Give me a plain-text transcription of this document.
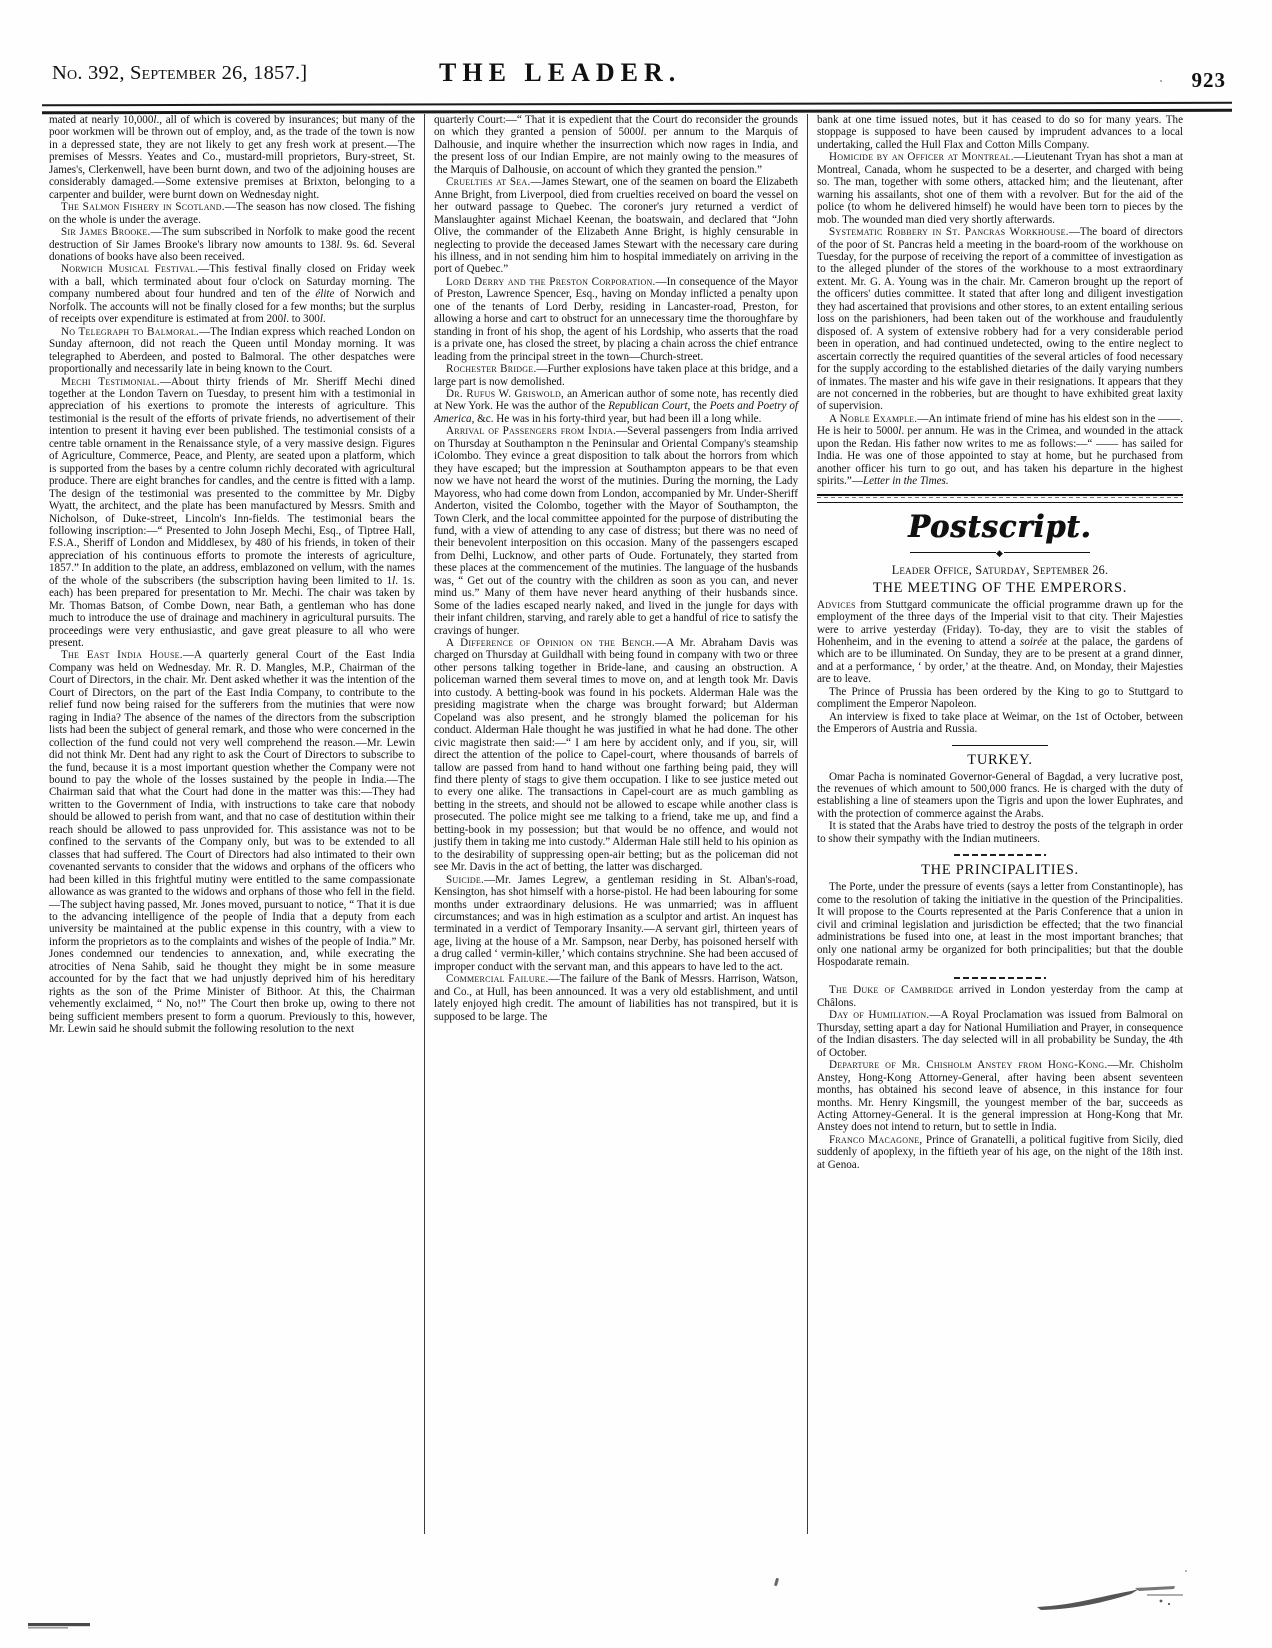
No. 392, September 26, 1857.]	THE LEADER.	923

mated at nearly 10,000l., all of which is covered by insurances; but many of the poor workmen will be thrown out of employ, and, as the trade of the town is now in a depressed state, they are not likely to get any fresh work at present.—The premises of Messrs. Yeates and Co., mustard-mill proprietors, Bury-street, St. James's, Clerkenwell, have been burnt down, and two of the adjoining houses are considerably damaged.—Some extensive premises at Brixton, belonging to a carpenter and builder, were burnt down on Wednesday night.

The Salmon Fishery in Scotland.—The season has now closed. The fishing on the whole is under the average.

Sir James Brooke.—The sum subscribed in Norfolk to make good the recent destruction of Sir James Brooke's library now amounts to 138l. 9s. 6d. Several donations of books have also been received.

Norwich Musical Festival.—This festival finally closed on Friday week with a ball, which terminated about four o'clock on Saturday morning. The company numbered about four hundred and ten of the élite of Norwich and Norfolk. The accounts will not be finally closed for a few months; but the surplus of receipts over expenditure is estimated at from 200l. to 300l.

No Telegraph to Balmoral.—The Indian express which reached London on Sunday afternoon, did not reach the Queen until Monday morning. It was telegraphed to Aberdeen, and posted to Balmoral. The other despatches were proportionally and necessarily late in being known to the Court.

Mechi Testimonial.—About thirty friends of Mr. Sheriff Mechi dined together at the London Tavern on Tuesday, to present him with a testimonial in appreciation of his exertions to promote the interests of agriculture. This testimonial is the result of the efforts of private friends, no advertisement of their intention to present it having ever been published. The testimonial consists of a centre table ornament in the Renaissance style, of a very massive design. Figures of Agriculture, Commerce, Peace, and Plenty, are seated upon a platform, which is supported from the bases by a centre column richly decorated with agricultural produce. There are eight branches for candles, and the centre is fitted with a lamp. The design of the testimonial was presented to the committee by Mr. Digby Wyatt, the architect, and the plate has been manufactured by Messrs. Smith and Nicholson, of Duke-street, Lincoln's Inn-fields. The testimonial bears the following inscription:—“ Presented to John Joseph Mechi, Esq., of Tiptree Hall, F.S.A., Sheriff of London and Middlesex, by 480 of his friends, in token of their appreciation of his continuous efforts to promote the interests of agriculture, 1857.” In addition to the plate, an address, emblazoned on vellum, with the names of the whole of the subscribers (the subscription having been limited to 1l. 1s. each) has been prepared for presentation to Mr. Mechi. The chair was taken by Mr. Thomas Batson, of Combe Down, near Bath, a gentleman who has done much to introduce the use of drainage and machinery in agricultural pursuits. The proceedings were very enthusiastic, and gave great pleasure to all who were present.

The East India House.—A quarterly general Court of the East India Company was held on Wednesday. Mr. R. D. Mangles, M.P., Chairman of the Court of Directors, in the chair. Mr. Dent asked whether it was the intention of the Court of Directors, on the part of the East India Company, to contribute to the relief fund now being raised for the sufferers from the mutinies that were now raging in India? The absence of the names of the directors from the subscription lists had been the subject of general remark, and those who were concerned in the collection of the fund could not very well comprehend the reason.—Mr. Lewin did not think Mr. Dent had any right to ask the Court of Directors to subscribe to the fund, because it is a most important question whether the Company were not bound to pay the whole of the losses sustained by the people in India.—The Chairman said that what the Court had done in the matter was this:—They had written to the Government of India, with instructions to take care that nobody should be allowed to perish from want, and that no case of destitution within their reach should be allowed to pass unprovided for. This assistance was not to be confined to the servants of the Company only, but was to be extended to all classes that had suffered. The Court of Directors had also intimated to their own covenanted servants to consider that the widows and orphans of the officers who had been killed in this frightful mutiny were entitled to the same compassionate allowance as was granted to the widows and orphans of those who fell in the field.—The subject having passed, Mr. Jones moved, pursuant to notice, “ That it is due to the advancing intelligence of the people of India that a deputy from each university be maintained at the public expense in this country, with a view to inform the proprietors as to the complaints and wishes of the people of India.” Mr. Jones condemned our tendencies to annexation, and, while execrating the atrocities of Nena Sahib, said he thought they might be in some measure accounted for by the fact that we had unjustly deprived him of his hereditary rights as the son of the Prime Minister of Bithoor. At this, the Chairman vehemently exclaimed, “ No, no!” The Court then broke up, owing to there not being sufficient members present to form a quorum. Previously to this, however, Mr. Lewin said he should submit the following resolution to the next

quarterly Court:—“ That it is expedient that the Court do reconsider the grounds on which they granted a pension of 5000l. per annum to the Marquis of Dalhousie, and inquire whether the insurrection which now rages in India, and the present loss of our Indian Empire, are not mainly owing to the measures of the Marquis of Dalhousie, on account of which they granted the pension.”

Cruelties at Sea.—James Stewart, one of the seamen on board the Elizabeth Anne Bright, from Liverpool, died from cruelties received on board the vessel on her outward passage to Quebec. The coroner's jury returned a verdict of Manslaughter against Michael Keenan, the boatswain, and declared that “John Olive, the commander of the Elizabeth Anne Bright, is highly censurable in neglecting to provide the deceased James Stewart with the necessary care during his illness, and in not sending him him to hospital immediately on arriving in the port of Quebec.”

Lord Derry and the Preston Corporation.—In consequence of the Mayor of Preston, Lawrence Spencer, Esq., having on Monday inflicted a penalty upon one of the tenants of Lord Derby, residing in Lancaster-road, Preston, for allowing a horse and cart to obstruct for an unnecessary time the thoroughfare by standing in front of his shop, the agent of his Lordship, who asserts that the road is a private one, has closed the street, by placing a chain across the chief entrance leading from the principal street in the town—Church-street.

Rochester Bridge.—Further explosions have taken place at this bridge, and a large part is now demolished.

Dr. Rufus W. Griswold, an American author of some note, has recently died at New York. He was the author of the Republican Court, the Poets and Poetry of America, &c. He was in his forty-third year, but had been ill a long while.

Arrival of Passengers from India.—Several passengers from India arrived on Thursday at Southampton n the Peninsular and Oriental Company's steamship iColombo. They evince a great disposition to talk about the horrors from which they have escaped; but the impression at Southampton appears to be that even now we have not heard the worst of the mutinies. During the morning, the Lady Mayoress, who had come down from London, accompanied by Mr. Under-Sheriff Anderton, visited the Colombo, together with the Mayor of Southampton, the Town Clerk, and the local committee appointed for the purpose of distributing the fund, with a view of attending to any case of distress; but there was no need of their benevolent interposition on this occasion. Many of the passengers escaped from Delhi, Lucknow, and other parts of Oude. Fortunately, they started from these places at the commencement of the mutinies. The language of the husbands was, “ Get out of the country with the children as soon as you can, and never mind us.” Many of them have never heard anything of their husbands since. Some of the ladies escaped nearly naked, and lived in the jungle for days with their infant children, starving, and rarely able to get a handful of rice to satisfy the cravings of hunger.

A Difference of Opinion on the Bench.—A Mr. Abraham Davis was charged on Thursday at Guildhall with being found in company with two or three other persons talking together in Bride-lane, and causing an obstruction. A policeman warned them several times to move on, and at length took Mr. Davis into custody. A betting-book was found in his pockets. Alderman Hale was the presiding magistrate when the charge was brought forward; but Alderman Copeland was also present, and he strongly blamed the policeman for his conduct. Alderman Hale thought he was justified in what he had done. The other civic magistrate then said:—“ I am here by accident only, and if you, sir, will direct the attention of the police to Capel-court, where thousands of barrels of tallow are passed from hand to hand without one farthing being paid, they will find there plenty of stags to give them occupation. I like to see justice meted out to every one alike. The transactions in Capel-court are as much gambling as betting in the streets, and should not be allowed to escape while another class is prosecuted. The police might see me talking to a friend, take me up, and find a betting-book in my possession; but that would be no offence, and would not justify them in taking me into custody.” Alderman Hale still held to his opinion as to the desirability of suppressing open-air betting; but as the policeman did not see Mr. Davis in the act of betting, the latter was discharged.

Suicide.—Mr. James Legrew, a gentleman residing in St. Alban's-road, Kensington, has shot himself with a horse-pistol. He had been labouring for some months under extraordinary delusions. He was unmarried; was in affluent circumstances; and was in high estimation as a sculptor and artist. An inquest has terminated in a verdict of Temporary Insanity.—A servant girl, thirteen years of age, living at the house of a Mr. Sampson, near Derby, has poisoned herself with a drug called ‘ vermin-killer,’ which contains strychnine. She had been accused of improper conduct with the servant man, and this appears to have led to the act.

Commercial Failure.—The failure of the Bank of Messrs. Harrison, Watson, and Co., at Hull, has been announced. It was a very old establishment, and until lately enjoyed high credit. The amount of liabilities has not transpired, but it is supposed to be large. The

bank at one time issued notes, but it has ceased to do so for many years. The stoppage is supposed to have been caused by imprudent advances to a local undertaking, called the Hull Flax and Cotton Mills Company.

Homicide by an Officer at Montreal.—Lieutenant Tryan has shot a man at Montreal, Canada, whom he suspected to be a deserter, and charged with being so. The man, together with some others, attacked him; and the lieutenant, after warning his assailants, shot one of them with a revolver. But for the aid of the police (to whom he delivered himself) he would have been torn to pieces by the mob. The wounded man died very shortly afterwards.

Systematic Robbery in St. Pancras Workhouse.—The board of directors of the poor of St. Pancras held a meeting in the board-room of the workhouse on Tuesday, for the purpose of receiving the report of a committee of investigation as to the alleged plunder of the stores of the workhouse to a most extraordinary extent. Mr. G. A. Young was in the chair. Mr. Cameron brought up the report of the officers' duties committee. It stated that after long and diligent investigation they had ascertained that provisions and other stores, to an extent entailing serious loss on the parishioners, had been taken out of the workhouse and fraudulently disposed of. A system of extensive robbery had for a very considerable period been in operation, and had continued undetected, owing to the entire neglect to ascertain correctly the required quantities of the several articles of food necessary for the supply according to the established dietaries of the daily varying numbers of inmates. The master and his wife gave in their resignations. It appears that they are not concerned in the robberies, but are thought to have exhibited great laxity of supervision.

A Noble Example.—An intimate friend of mine has his eldest son in the ——. He is heir to 5000l. per annum. He was in the Crimea, and wounded in the attack upon the Redan. His father now writes to me as follows:—“ —— has sailed for India. He was one of those appointed to stay at home, but he purchased from another officer his turn to go out, and has taken his departure in the highest spirits.”—Letter in the Times.

Postscript.
◆
Leader Office, Saturday, September 26.
THE MEETING OF THE EMPERORS.

Advices from Stuttgard communicate the official programme drawn up for the employment of the three days of the Imperial visit to that city. Their Majesties were to arrive yesterday (Friday). To-day, they are to visit the stables of Hohenheim, and in the evening to attend a soirée at the palace, the gardens of which are to be illuminated. On Sunday, they are to be present at a grand dinner, and at a performance, ‘ by order,’ at the theatre. And, on Monday, their Majesties are to leave.

The Prince of Prussia has been ordered by the King to go to Stuttgard to compliment the Emperor Napoleon.

An interview is fixed to take place at Weimar, on the 1st of October, between the Emperors of Austria and Russia.

TURKEY.

Omar Pacha is nominated Governor-General of Bagdad, a very lucrative post, the revenues of which amount to 500,000 francs. He is charged with the duty of establishing a line of steamers upon the Tigris and upon the lower Euphrates, and with the protection of commerce against the Arabs.

It is stated that the Arabs have tried to destroy the posts of the telgraph in order to show their sympathy with the Indian mutineers.

THE PRINCIPALITIES.

The Porte, under the pressure of events (says a letter from Constantinople), has come to the resolution of taking the initiative in the question of the Principalities. It will propose to the Courts represented at the Paris Conference that a union in civil and criminal legislation and jurisdiction be effected; that the two financial administrations be fused into one, at least in the most important branches; that only one national army be organized for both principalities; but that the double Hospodarate remain.

The Duke of Cambridge arrived in London yesterday from the camp at Châlons.

Day of Humiliation.—A Royal Proclamation was issued from Balmoral on Thursday, setting apart a day for National Humiliation and Prayer, in consequence of the Indian disasters. The day selected will in all probability be Sunday, the 4th of October.

Departure of Mr. Chisholm Anstey from Hong-Kong.—Mr. Chisholm Anstey, Hong-Kong Attorney-General, after having been absent seventeen months, has obtained his second leave of absence, in this instance for four months. Mr. Henry Kingsmill, the youngest member of the bar, succeeds as Acting Attorney-General. It is the general impression at Hong-Kong that Mr. Anstey does not intend to return, but to settle in India.

Franco Macagone, Prince of Granatelli, a political fugitive from Sicily, died suddenly of apoplexy, in the fiftieth year of his age, on the night of the 18th inst. at Genoa.
